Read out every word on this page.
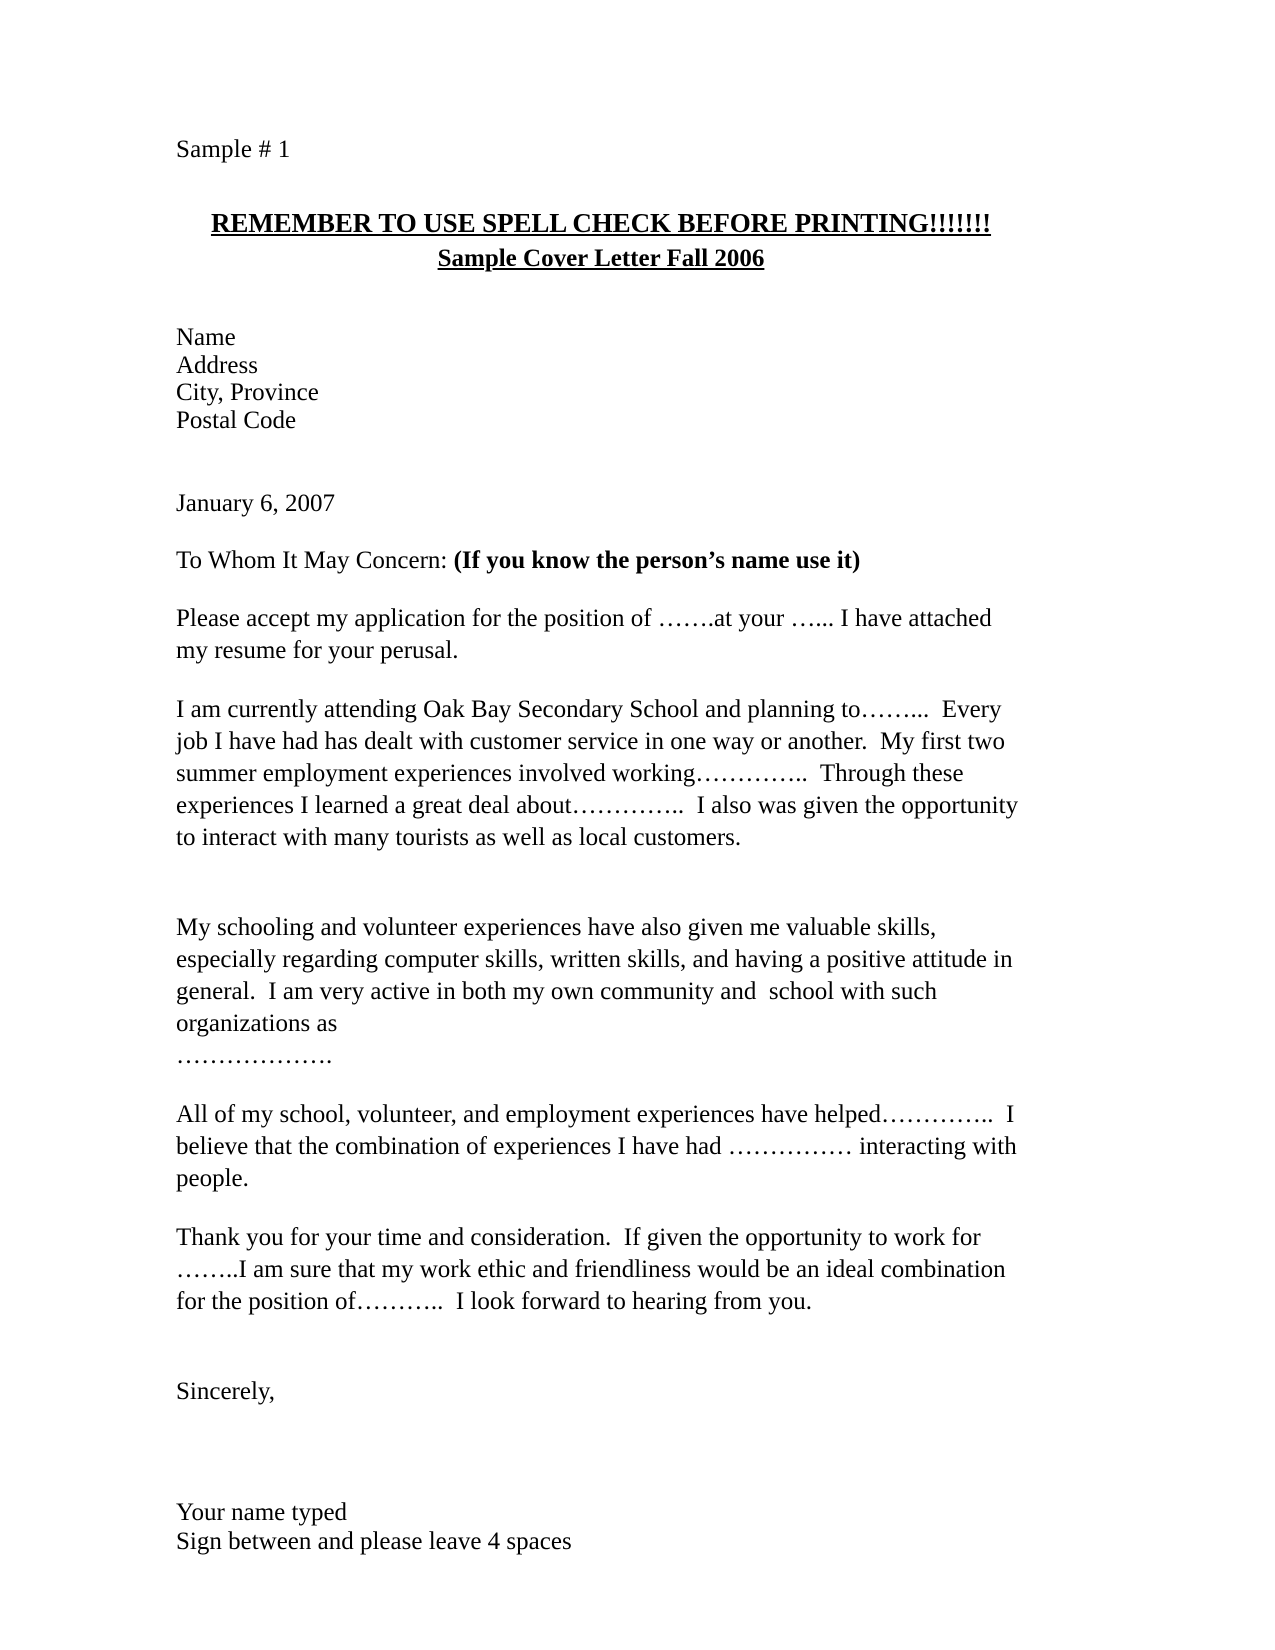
Sample # 1
REMEMBER TO USE SPELL CHECK BEFORE PRINTING!!!!!!!
Sample Cover Letter Fall 2006
Name
Address
City, Province
Postal Code
January 6, 2007
To Whom It May Concern: (If you know the person’s name use it)
Please accept my application for the position of …….at your …... I have attached my resume for your perusal.
I am currently attending Oak Bay Secondary School and planning to……...  Every job I have had has dealt with customer service in one way or another.  My first two summer employment experiences involved working…………..  Through these experiences I learned a great deal about…………..  I also was given the opportunity to interact with many tourists as well as local customers.
My schooling and volunteer experiences have also given me valuable skills, especially regarding computer skills, written skills, and having a positive attitude in general.  I am very active in both my own community and  school with such organizations as
……………….
All of my school, volunteer, and employment experiences have helped…………..  I believe that the combination of experiences I have had …………… interacting with people.
Thank you for your time and consideration.  If given the opportunity to work for ……..I am sure that my work ethic and friendliness would be an ideal combination for the position of………..  I look forward to hearing from you.
Sincerely,
Your name typed
Sign between and please leave 4 spaces
